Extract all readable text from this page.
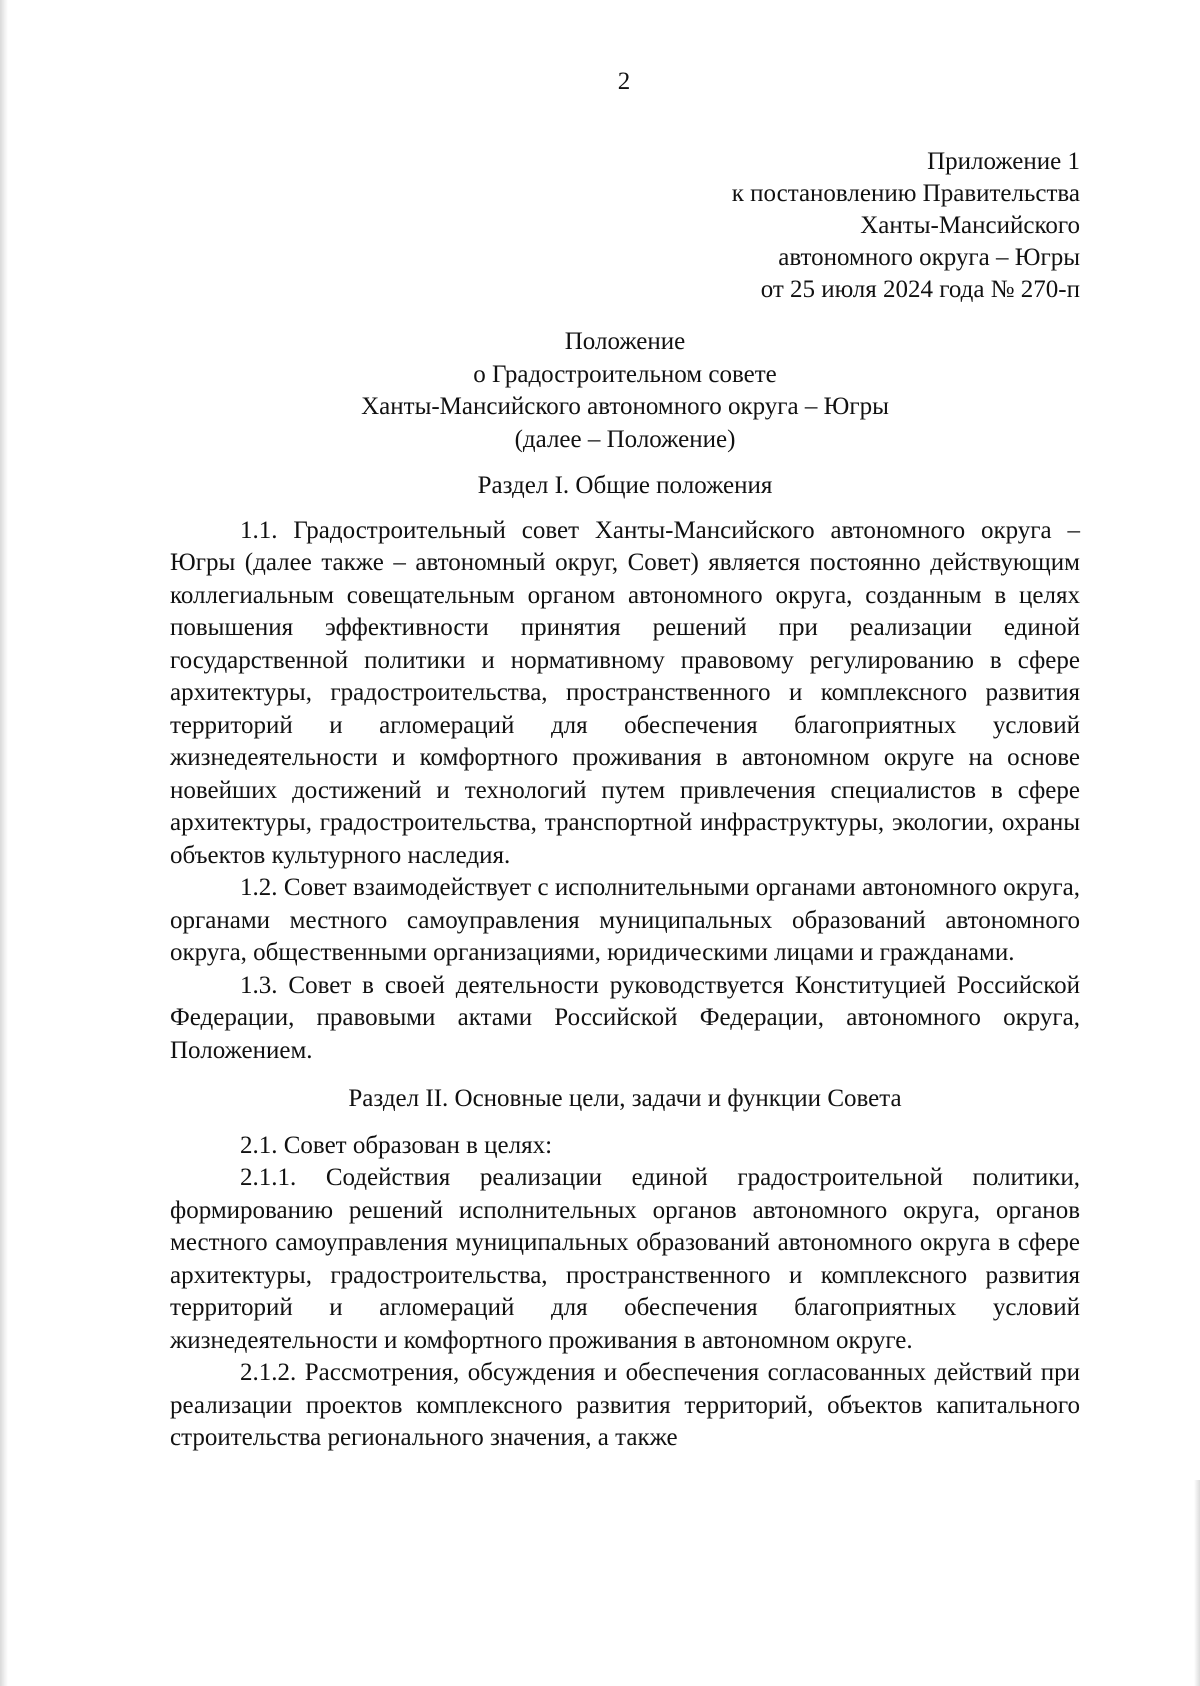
2
Приложение 1
к постановлению Правительства
Ханты-Мансийского
автономного округа – Югры
от 25 июля 2024 года № 270-п
Положение
о Градостроительном совете
Ханты-Мансийского автономного округа – Югры
(далее – Положение)
Раздел I. Общие положения

1.1. Градостроительный совет Ханты-Мансийского автономного округа – Югры (далее также – автономный округ, Совет) является постоянно действующим коллегиальным совещательным органом автономного округа, созданным в целях повышения эффективности принятия решений при реализации единой государственной политики и нормативному правовому регулированию в сфере архитектуры, градостроительства, пространственного и комплексного развития территорий и агломераций для обеспечения благоприятных условий жизнедеятельности и комфортного проживания в автономном округе на основе новейших достижений и технологий путем привлечения специалистов в сфере архитектуры, градостроительства, транспортной инфраструктуры, экологии, охраны объектов культурного наследия.

1.2. Совет взаимодействует с исполнительными органами автономного округа, органами местного самоуправления муниципальных образований автономного округа, общественными организациями, юридическими лицами и гражданами.

1.3. Совет в своей деятельности руководствуется Конституцией Российской Федерации, правовыми актами Российской Федерации, автономного округа, Положением.

Раздел II. Основные цели, задачи и функции Совета

2.1. Совет образован в целях:

2.1.1. Содействия реализации единой градостроительной политики, формированию решений исполнительных органов автономного округа, органов местного самоуправления муниципальных образований автономного округа в сфере архитектуры, градостроительства, пространственного и комплексного развития территорий и агломераций для обеспечения благоприятных условий жизнедеятельности и комфортного проживания в автономном округе.

2.1.2. Рассмотрения, обсуждения и обеспечения согласованных действий при реализации проектов комплексного развития территорий, объектов капитального строительства регионального значения, а также
